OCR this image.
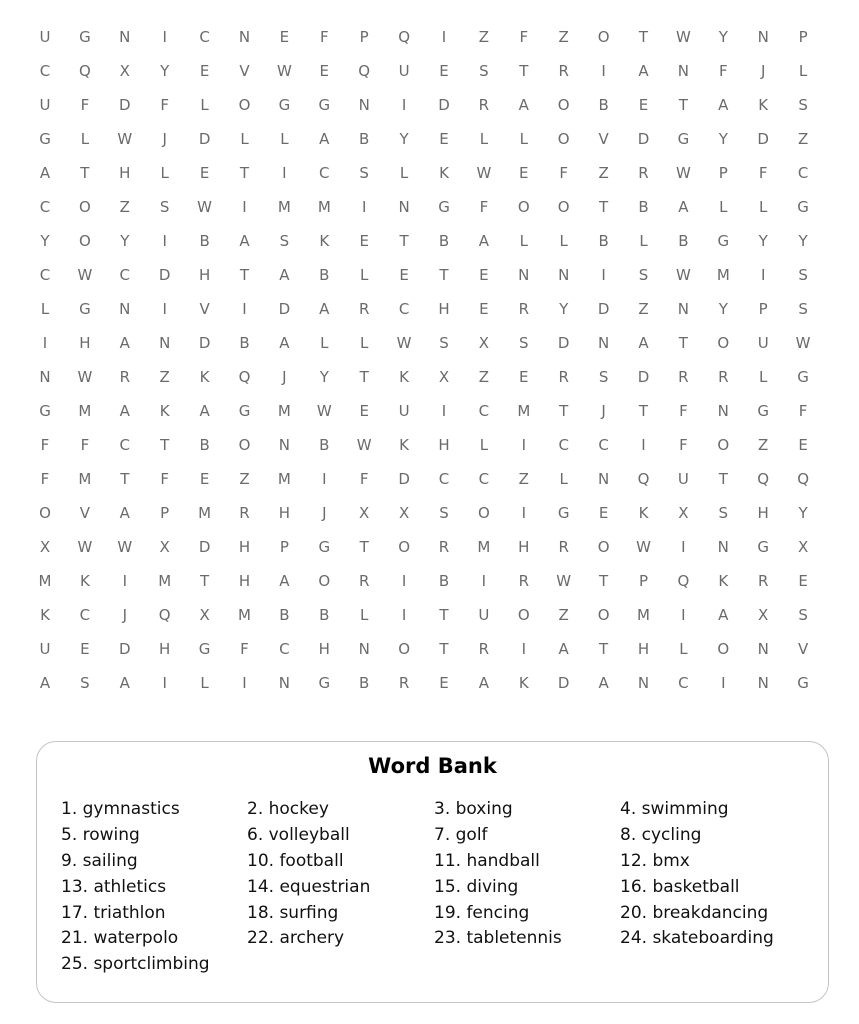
U	G	N	I	C	N	E	F	P	Q	I	Z	F	Z	O	T	W	Y	N	P
C	Q	X	Y	E	V	W	E	Q	U	E	S	T	R	I	A	N	F	J	L
U	F	D	F	L	O	G	G	N	I	D	R	A	O	B	E	T	A	K	S
G	L	W	J	D	L	L	A	B	Y	E	L	L	O	V	D	G	Y	D	Z
A	T	H	L	E	T	I	C	S	L	K	W	E	F	Z	R	W	P	F	C
C	O	Z	S	W	I	M	M	I	N	G	F	O	O	T	B	A	L	L	G
Y	O	Y	I	B	A	S	K	E	T	B	A	L	L	B	L	B	G	Y	Y
C	W	C	D	H	T	A	B	L	E	T	E	N	N	I	S	W	M	I	S
L	G	N	I	V	I	D	A	R	C	H	E	R	Y	D	Z	N	Y	P	S
I	H	A	N	D	B	A	L	L	W	S	X	S	D	N	A	T	O	U	W
N	W	R	Z	K	Q	J	Y	T	K	X	Z	E	R	S	D	R	R	L	G
G	M	A	K	A	G	M	W	E	U	I	C	M	T	J	T	F	N	G	F
F	F	C	T	B	O	N	B	W	K	H	L	I	C	C	I	F	O	Z	E
F	M	T	F	E	Z	M	I	F	D	C	C	Z	L	N	Q	U	T	Q	Q
O	V	A	P	M	R	H	J	X	X	S	O	I	G	E	K	X	S	H	Y
X	W	W	X	D	H	P	G	T	O	R	M	H	R	O	W	I	N	G	X
M	K	I	M	T	H	A	O	R	I	B	I	R	W	T	P	Q	K	R	E
K	C	J	Q	X	M	B	B	L	I	T	U	O	Z	O	M	I	A	X	S
U	E	D	H	G	F	C	H	N	O	T	R	I	A	T	H	L	O	N	V
A	S	A	I	L	I	N	G	B	R	E	A	K	D	A	N	C	I	N	G
Word Bank
1. gymnastics
5. rowing
9. sailing
13. athletics
17. triathlon
21. waterpolo
25. sportclimbing
2. hockey
6. volleyball
10. football
14. equestrian
18. surfing
22. archery
3. boxing
7. golf
11. handball
15. diving
19. fencing
23. tabletennis
4. swimming
8. cycling
12. bmx
16. basketball
20. breakdancing
24. skateboarding
